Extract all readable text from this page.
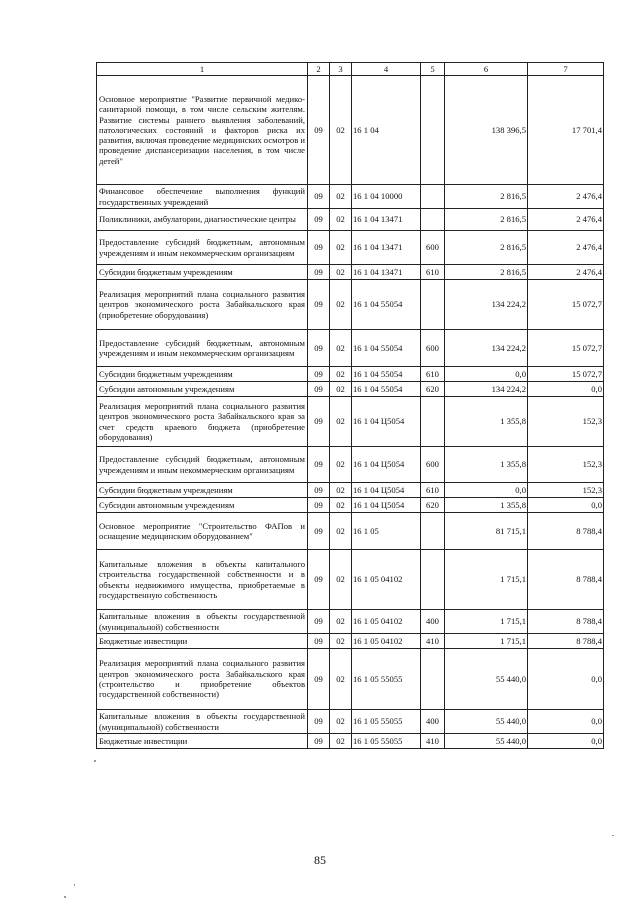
1	2	3	4	5	6	7
Основное мероприятие "Развитие первичной медико-санитарной помощи, в том числе сельским жителям. Развитие системы раннего выявления заболеваний, патологических состояний и факторов риска их развития, включая проведение медицинских осмотров и проведение диспансеризации населения, в том числе детей"	09	02	16 1 04		138 396,5	17 701,4
Финансовое обеспечение выполнения функций государственных учреждений	09	02	16 1 04 10000		2 816,5	2 476,4
Поликлиники, амбулатории, диагностические центры	09	02	16 1 04 13471		2 816,5	2 476,4
Предоставление субсидий бюджетным, автономным учреждениям и иным некоммерческим организациям	09	02	16 1 04 13471	600	2 816,5	2 476,4
Субсидии бюджетным учреждениям	09	02	16 1 04 13471	610	2 816,5	2 476,4
Реализация мероприятий плана социального развития центров экономического роста Забайкальского края (приобретение оборудования)	09	02	16 1 04 55054		134 224,2	15 072,7
Предоставление субсидий бюджетным, автономным учреждениям и иным некоммерческим организациям	09	02	16 1 04 55054	600	134 224,2	15 072,7
Субсидии бюджетным учреждениям	09	02	16 1 04 55054	610	0,0	15 072,7
Субсидии автономным учреждениям	09	02	16 1 04 55054	620	134 224,2	0,0
Реализация мероприятий плана социального развития центров экономического роста Забайкальского края за счет средств краевого бюджета (приобретение оборудования)	09	02	16 1 04 Ц5054		1 355,8	152,3
Предоставление субсидий бюджетным, автономным учреждениям и иным некоммерческим организациям	09	02	16 1 04 Ц5054	600	1 355,8	152,3
Субсидии бюджетным учреждениям	09	02	16 1 04 Ц5054	610	0,0	152,3
Субсидии автономным учреждениям	09	02	16 1 04 Ц5054	620	1 355,8	0,0
Основное мероприятие "Строительство ФАПов и оснащение медицинским оборудованием"	09	02	16 1 05		81 715,1	8 788,4
Капитальные вложения в объекты капитального строительства государственной собственности и в объекты недвижимого имущества, приобретаемые в государственную собственность	09	02	16 1 05 04102		1 715,1	8 788,4
Капитальные вложения в объекты государственной (муниципальной) собственности	09	02	16 1 05 04102	400	1 715,1	8 788,4
Бюджетные инвестиции	09	02	16 1 05 04102	410	1 715,1	8 788,4
Реализация мероприятий плана социального развития центров экономического роста Забайкальского края (строительство и приобретение объектов государственной собственности)	09	02	16 1 05 55055		55 440,0	0,0
Капитальные вложения в объекты государственной (муниципальной) собственности	09	02	16 1 05 55055	400	55 440,0	0,0
Бюджетные инвестиции	09	02	16 1 05 55055	410	55 440,0	0,0
85
